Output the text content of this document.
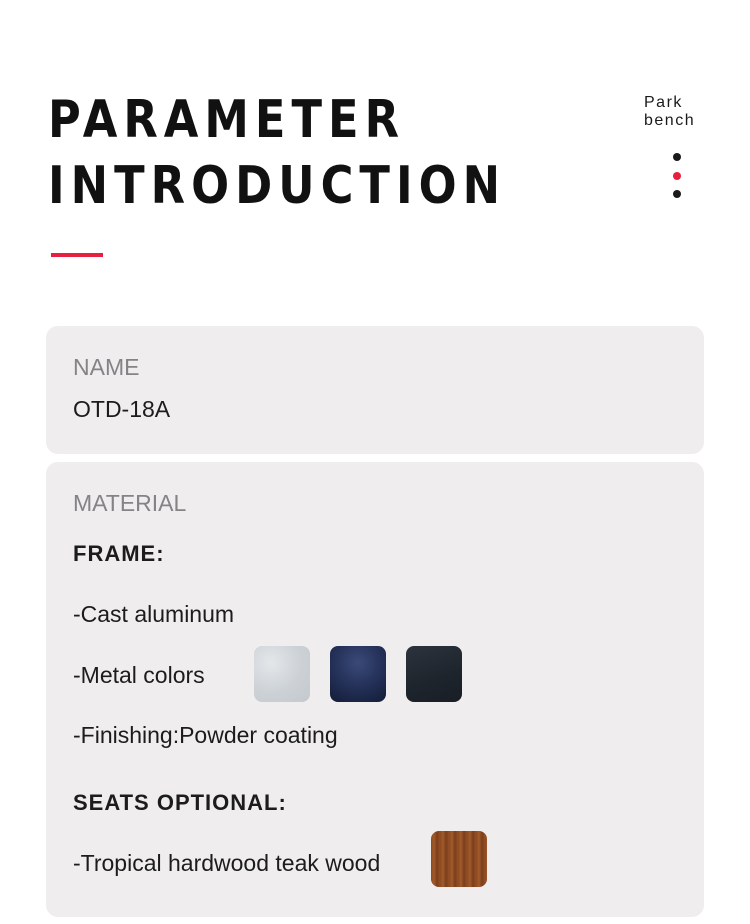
PARAMETER
INTRODUCTION
Park
bench
NAME
OTD-18A
MATERIAL
FRAME:
-Cast aluminum
-Metal colors
-Finishing:Powder coating
SEATS OPTIONAL:
-Tropical hardwood teak wood
